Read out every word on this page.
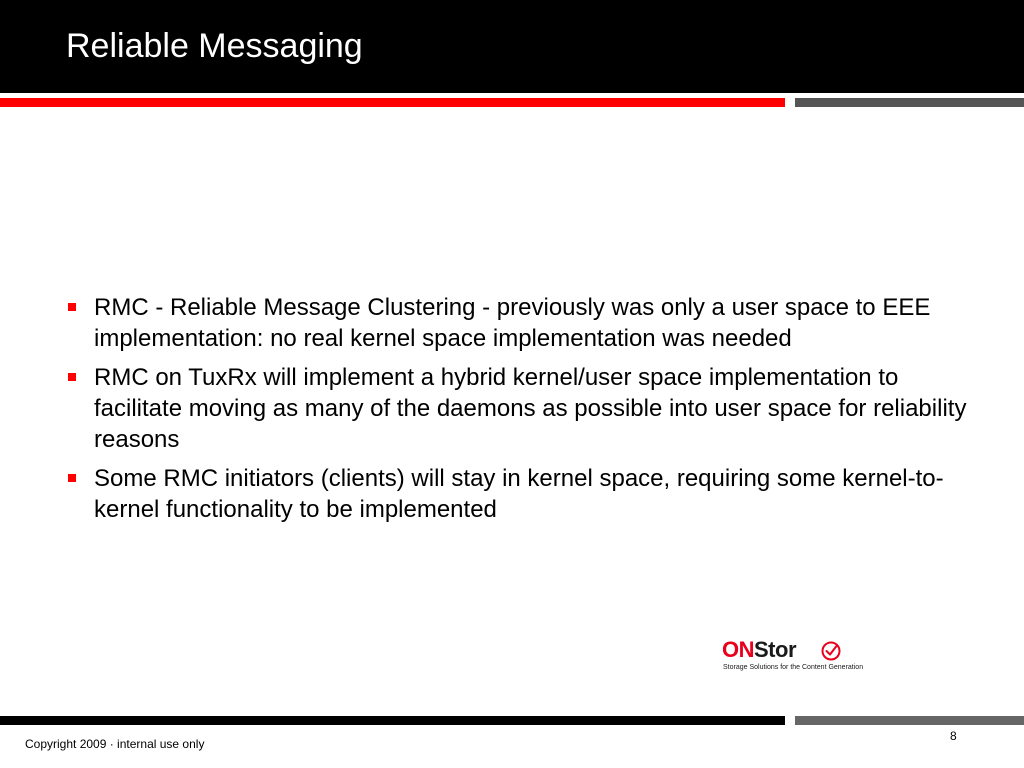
Reliable Messaging
RMC - Reliable Message Clustering - previously was only a user space to EEE implementation: no real kernel space implementation was needed
RMC on TuxRx will implement a hybrid kernel/user space implementation to facilitate moving as many of the daemons as possible into user space for reliability reasons
Some RMC initiators (clients) will stay in kernel space, requiring some kernel-to-kernel functionality to be implemented
ONStor
Storage Solutions for the Content Generation
Copyright 2009 · internal use only
8
